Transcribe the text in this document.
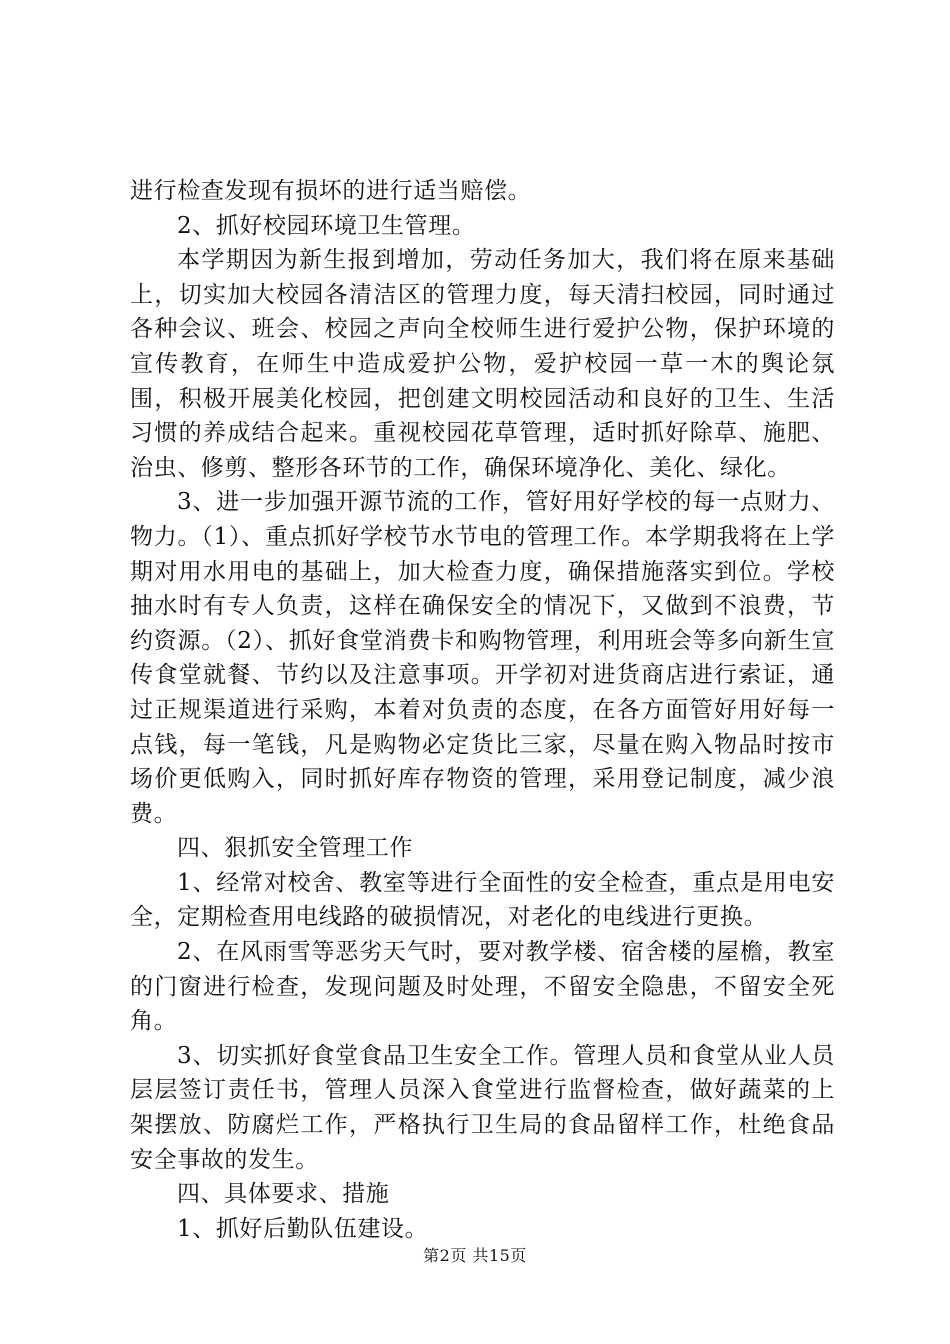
进行检查发现有损坏的进行适当赔偿。

2、抓好校园环境卫生管理。

本学期因为新生报到增加，劳动任务加大，我们将在原来基础上，切实加大校园各清洁区的管理力度，每天清扫校园，同时通过各种会议、班会、校园之声向全校师生进行爱护公物，保护环境的宣传教育，在师生中造成爱护公物，爱护校园一草一木的舆论氛围，积极开展美化校园，把创建文明校园活动和良好的卫生、生活习惯的养成结合起来。重视校园花草管理，适时抓好除草、施肥、治虫、修剪、整形各环节的工作，确保环境净化、美化、绿化。

3、进一步加强开源节流的工作，管好用好学校的每一点财力、物力。（1）、重点抓好学校节水节电的管理工作。本学期我将在上学期对用水用电的基础上，加大检查力度，确保措施落实到位。学校抽水时有专人负责，这样在确保安全的情况下，又做到不浪费，节约资源。（2）、抓好食堂消费卡和购物管理，利用班会等多向新生宣传食堂就餐、节约以及注意事项。开学初对进货商店进行索证，通过正规渠道进行采购，本着对负责的态度，在各方面管好用好每一点钱，每一笔钱，凡是购物必定货比三家，尽量在购入物品时按市场价更低购入，同时抓好库存物资的管理，采用登记制度，减少浪费。

四、狠抓安全管理工作

1、经常对校舍、教室等进行全面性的安全检查，重点是用电安全，定期检查用电线路的破损情况，对老化的电线进行更换。

2、在风雨雪等恶劣天气时，要对教学楼、宿舍楼的屋檐，教室的门窗进行检查，发现问题及时处理，不留安全隐患，不留安全死角。

3、切实抓好食堂食品卫生安全工作。管理人员和食堂从业人员层层签订责任书，管理人员深入食堂进行监督检查，做好蔬菜的上架摆放、防腐烂工作，严格执行卫生局的食品留样工作，杜绝食品安全事故的发生。

四、具体要求、措施

1、抓好后勤队伍建设。

第2页 共15页
